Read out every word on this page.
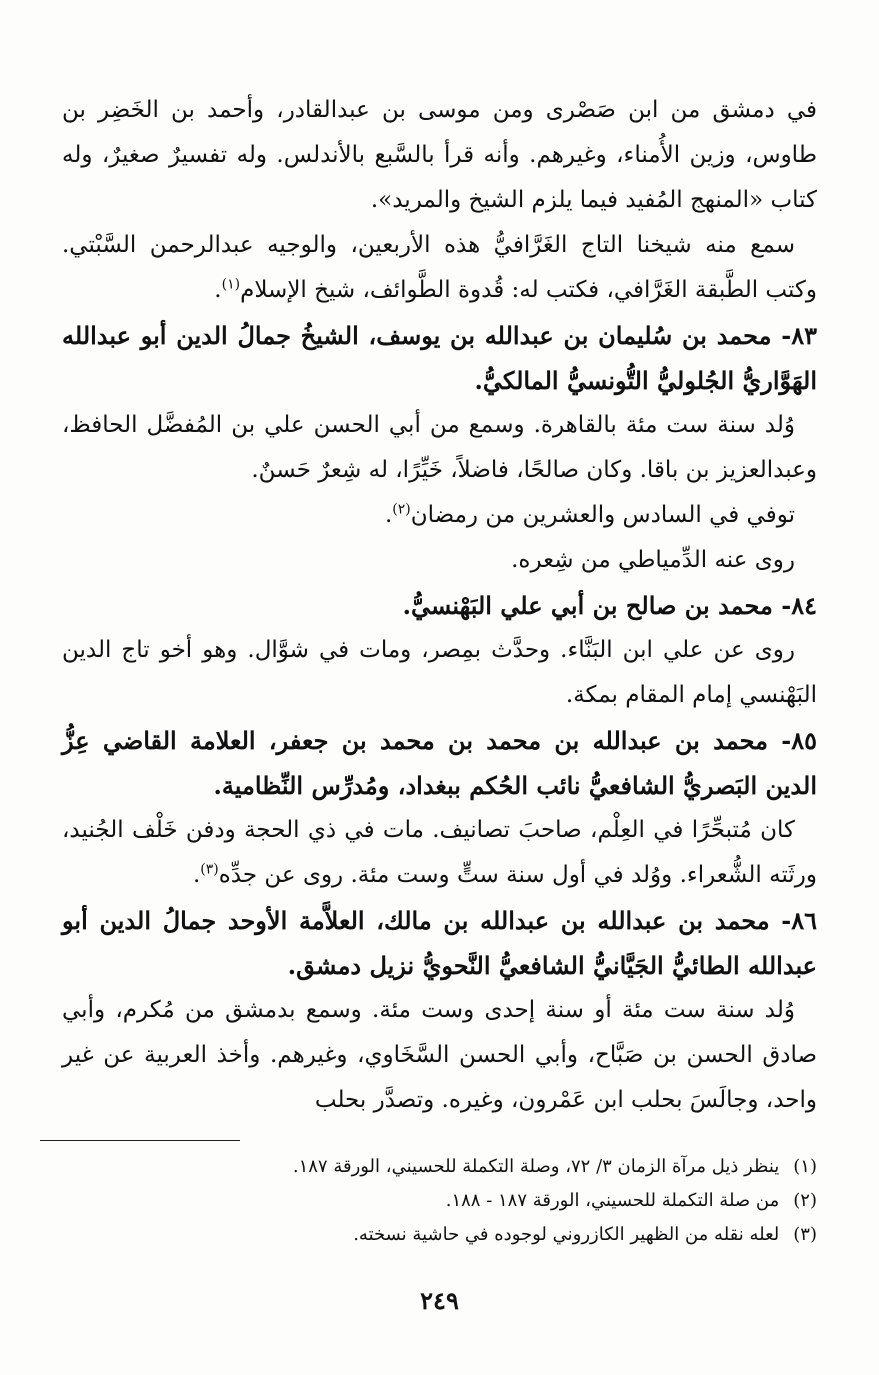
في دمشق من ابن صَصْرى ومن موسى بن عبدالقادر، وأحمد بن الخَضِر بن طاوس، وزين الأُمناء، وغيرهم. وأنه قرأ بالسَّبع بالأندلس. وله تفسيرٌ صغيرٌ، وله كتاب «المنهج المُفيد فيما يلزم الشيخ والمريد».

سمع منه شيخنا التاج الغَرَّافيُّ هذه الأربعين، والوجيه عبدالرحمن السَّبْتي. وكتب الطَّبقة الغَرَّافي، فكتب له: قُدوة الطَّوائف، شيخ الإسلام$^{(١)}$.

٨٣- محمد بن سُليمان بن عبدالله بن يوسف، الشيخُ جمالُ الدين أبو عبدالله الهَوَّاريُّ الجُلوليُّ التُّونسيُّ المالكيُّ.

وُلد سنة ست مئة بالقاهرة. وسمع من أبي الحسن علي بن المُفضَّل الحافظ، وعبدالعزيز بن باقا. وكان صالحًا، فاضلاً، خَيِّرًا، له شِعرٌ حَسنٌ.

توفي في السادس والعشرين من رمضان$^{(٢)}$.

روى عنه الدِّمياطي من شِعره.

٨٤- محمد بن صالح بن أبي علي البَهْنسيُّ.

روى عن علي ابن البَنَّاء. وحدَّث بمِصر، ومات في شوَّال. وهو أخو تاج الدين البَهْنسي إمام المقام بمكة.

٨٥- محمد بن عبدالله بن محمد بن محمد بن جعفر، العلامة القاضي عِزُّ الدين البَصريُّ الشافعيُّ نائب الحُكم ببغداد، ومُدرِّس النِّظامية.

كان مُتبحِّرًا في العِلْم، صاحبَ تصانيف. مات في ذي الحجة ودفن خَلْف الجُنيد، ورثَته الشُّعراء. ووُلد في أول سنة ستٍّ وست مئة. روى عن جدِّه$^{(٣)}$.

٨٦- محمد بن عبدالله بن عبدالله بن مالك، العلاَّمة الأوحد جمالُ الدين أبو عبدالله الطائيُّ الجَيَّانيُّ الشافعيُّ النَّحويُّ نزيل دمشق.

وُلد سنة ست مئة أو سنة إحدى وست مئة. وسمع بدمشق من مُكرم، وأبي صادق الحسن بن صَبَّاح، وأبي الحسن السَّخَاوي، وغيرهم. وأخذ العربية عن غير واحد، وجالَسَ بحلب ابن عَمْرون، وغيره. وتصدَّر بحلب

(١)
ينظر ذيل مرآة الزمان ٣/ ٧٢، وصلة التكملة للحسيني، الورقة ١٨٧.
(٢)
من صلة التكملة للحسيني، الورقة ١٨٧ - ١٨٨.
(٣)
لعله نقله من الظهير الكازروني لوجوده في حاشية نسخته.
٢٤٩
